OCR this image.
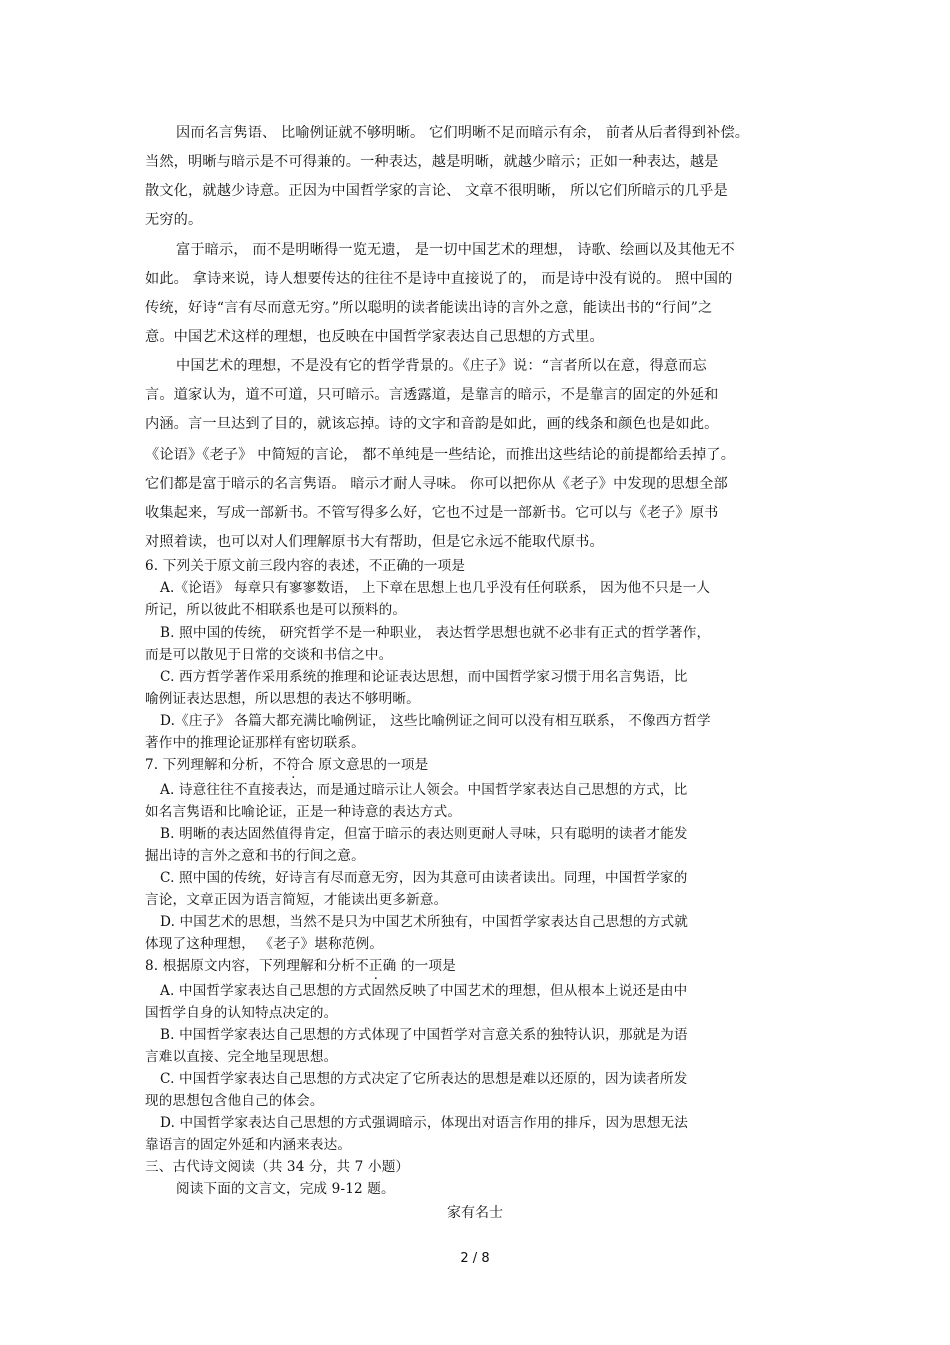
因而名言隽语、 比喻例证就不够明晰。 它们明晰不足而暗示有余， 前者从后者得到补偿。
当然，明晰与暗示是不可得兼的。一种表达，越是明晰，就越少暗示；正如一种表达，越是
散文化，就越少诗意。正因为中国哲学家的言论、 文章不很明晰， 所以它们所暗示的几乎是
无穷的。
富于暗示， 而不是明晰得一览无遗， 是一切中国艺术的理想， 诗歌、绘画以及其他无不
如此。 拿诗来说，诗人想要传达的往往不是诗中直接说了的， 而是诗中没有说的。 照中国的
传统，好诗“言有尽而意无穷。”所以聪明的读者能读出诗的言外之意，能读出书的“行间”之
意。中国艺术这样的理想，也反映在中国哲学家表达自己思想的方式里。
中国艺术的理想，不是没有它的哲学背景的。《庄子》说：“言者所以在意，得意而忘
言。道家认为，道不可道，只可暗示。言透露道，是靠言的暗示，不是靠言的固定的外延和
内涵。言一旦达到了目的，就该忘掉。诗的文字和音韵是如此，画的线条和颜色也是如此。
《论语》《老子》 中简短的言论， 都不单纯是一些结论，而推出这些结论的前提都给丢掉了。
它们都是富于暗示的名言隽语。 暗示才耐人寻味。 你可以把你从《老子》中发现的思想全部
收集起来，写成一部新书。不管写得多么好，它也不过是一部新书。它可以与《老子》原书
对照着读，也可以对人们理解原书大有帮助，但是它永远不能取代原书。
6. 下列关于原文前三段内容的表述，不正确的一项是
A.《论语》 每章只有寥寥数语， 上下章在思想上也几乎没有任何联系， 因为他不只是一人
所记，所以彼此不相联系也是可以预料的。
B. 照中国的传统， 研究哲学不是一种职业， 表达哲学思想也就不必非有正式的哲学著作，
而是可以散见于日常的交谈和书信之中。
C. 西方哲学著作采用系统的推理和论证表达思想，而中国哲学家习惯于用名言隽语，比
喻例证表达思想，所以思想的表达不够明晰。
D.《庄子》 各篇大都充满比喻例证， 这些比喻例证之间可以没有相互联系， 不像西方哲学
著作中的推理论证那样有密切联系。
7. 下列理解和分析，不符合 原文意思的一项是
A. 诗意往往不直接表达，而是通过暗示让人领会。中国哲学家表达自己思想的方式，比
如名言隽语和比喻论证，正是一种诗意的表达方式。
B. 明晰的表达固然值得肯定，但富于暗示的表达则更耐人寻味，只有聪明的读者才能发
掘出诗的言外之意和书的行间之意。
C. 照中国的传统，好诗言有尽而意无穷，因为其意可由读者读出。同理，中国哲学家的
言论，文章正因为语言简短，才能读出更多新意。
D. 中国艺术的思想，当然不是只为中国艺术所独有，中国哲学家表达自己思想的方式就
体现了这种理想， 《老子》堪称范例。
8. 根据原文内容，下列理解和分析不正确 的一项是
A. 中国哲学家表达自己思想的方式固然反映了中国艺术的理想，但从根本上说还是由中
国哲学自身的认知特点决定的。
B. 中国哲学家表达自己思想的方式体现了中国哲学对言意关系的独特认识，那就是为语
言难以直接、完全地呈现思想。
C. 中国哲学家表达自己思想的方式决定了它所表达的思想是难以还原的，因为读者所发
现的思想包含他自己的体会。
D. 中国哲学家表达自己思想的方式强调暗示，体现出对语言作用的排斥，因为思想无法
靠语言的固定外延和内涵来表达。
三、古代诗文阅读（共 34 分，共 7 小题）
阅读下面的文言文，完成 9-12 题。
家有名士
2 / 8
